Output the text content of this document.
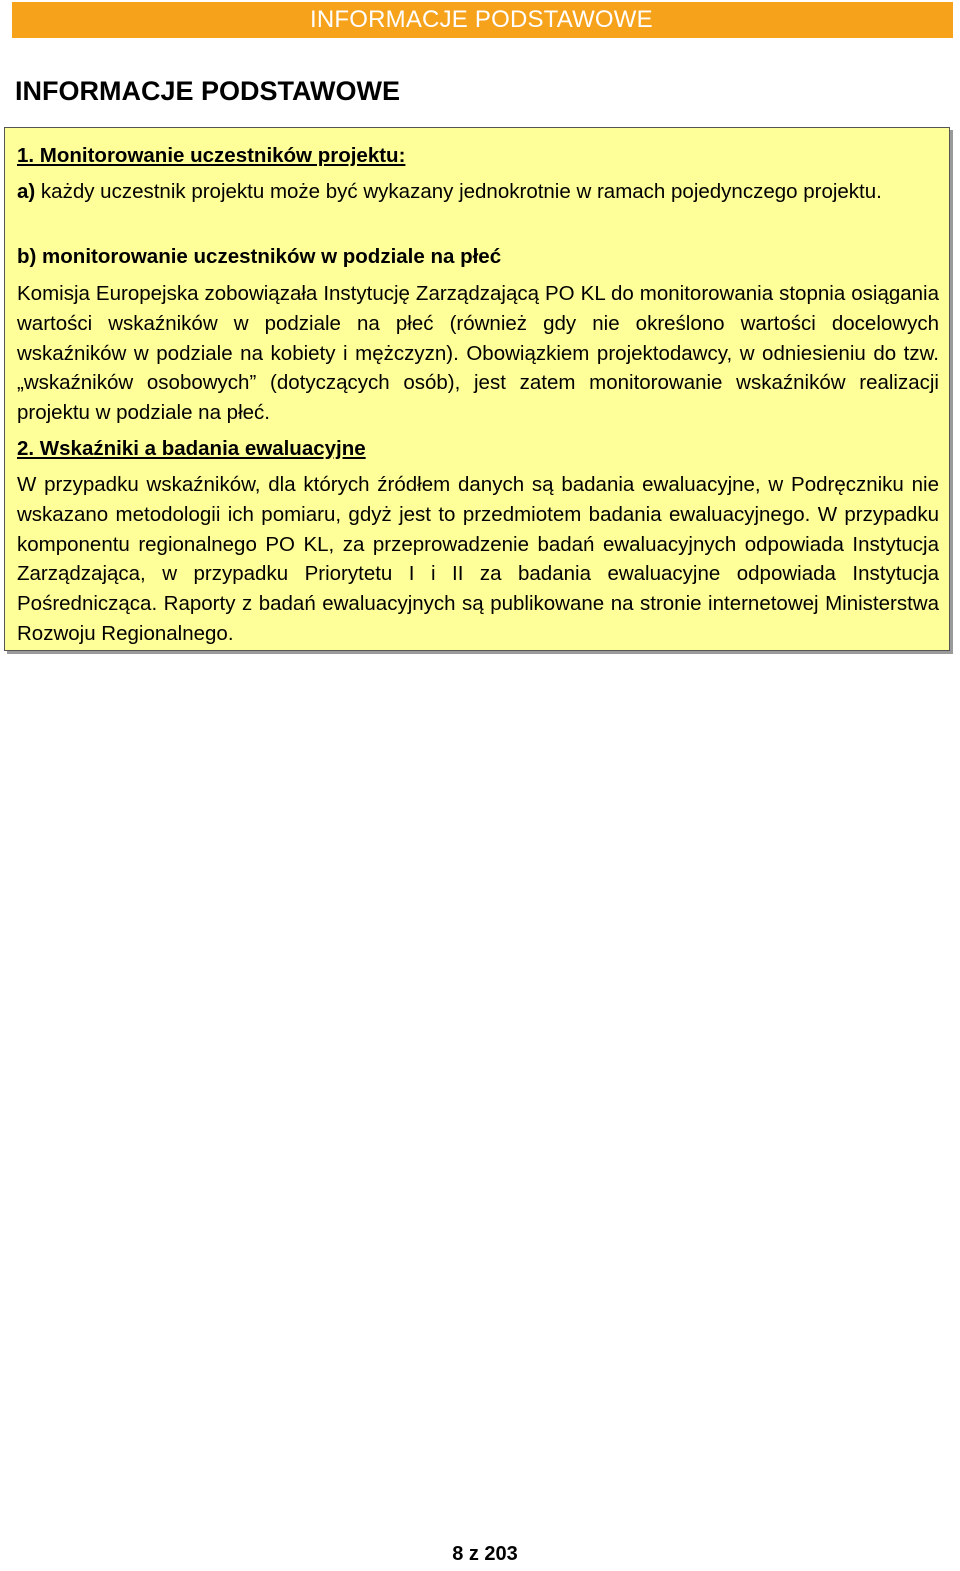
INFORMACJE PODSTAWOWE
INFORMACJE PODSTAWOWE

1. Monitorowanie uczestników projektu:

a) każdy uczestnik projektu może być wykazany jednokrotnie w ramach pojedynczego projektu.

b) monitorowanie uczestników w podziale na płeć

Komisja Europejska zobowiązała Instytucję Zarządzającą PO KL do monitorowania stopnia osiągania wartości wskaźników w podziale na płeć (również gdy nie określono wartości docelowych wskaźników w podziale na kobiety i mężczyzn). Obowiązkiem projektodawcy, w odniesieniu do tzw. „wskaźników osobowych” (dotyczących osób), jest zatem monitorowanie wskaźników realizacji projektu w podziale na płeć.

2. Wskaźniki a badania ewaluacyjne

W przypadku wskaźników, dla których źródłem danych są badania ewaluacyjne, w Podręczniku nie wskazano metodologii ich pomiaru, gdyż jest to przedmiotem badania ewaluacyjnego. W przypadku komponentu regionalnego PO KL, za przeprowadzenie badań ewaluacyjnych odpowiada Instytucja Zarządzająca, w przypadku Priorytetu I i II za badania ewaluacyjne odpowiada Instytucja Pośrednicząca. Raporty z badań ewaluacyjnych są publikowane na stronie internetowej Ministerstwa Rozwoju Regionalnego.

8 z 203
